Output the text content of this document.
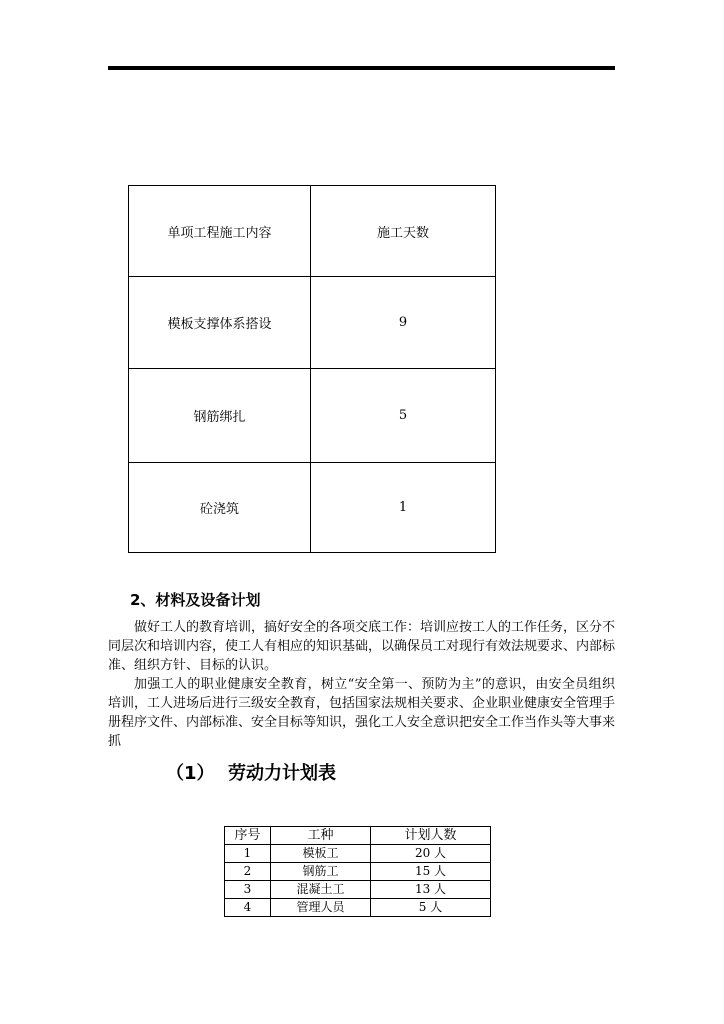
单项工程施工内容	施工天数
模板支撑体系搭设	9
钢筋绑扎	5
砼浇筑	1
2、材料及设备计划
做好工人的教育培训，搞好安全的各项交底工作：培训应按工人的工作任务，区分不同层次和培训内容，使工人有相应的知识基础，以确保员工对现行有效法规要求、内部标准、组织方针、目标的认识。
加强工人的职业健康安全教育，树立“安全第一、预防为主”的意识，由安全员组织培训，工人进场后进行三级安全教育，包括国家法规相关要求、企业职业健康安全管理手册程序文件、内部标准、安全目标等知识，强化工人安全意识把安全工作当作头等大事来抓
（1） 劳动力计划表
序号	工种	计划人数
1	模板工	20 人
2	钢筋工	15 人
3	混凝土工	13 人
4	管理人员	5 人
